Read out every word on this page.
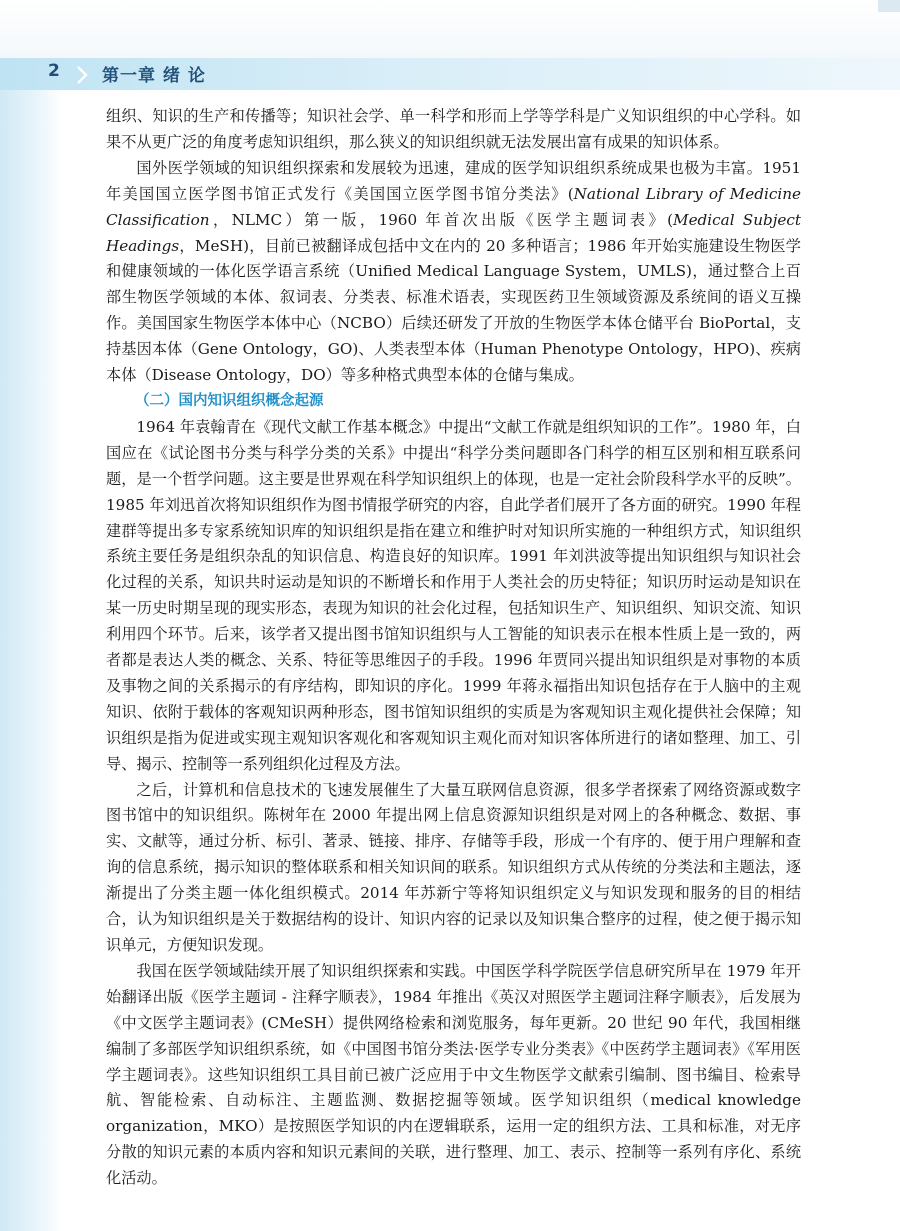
2 第一章 绪 论

组织、知识的生产和传播等；知识社会学、单一科学和形而上学等学科是广义知识组织的中心学科。如果不从更广泛的角度考虑知识组织，那么狭义的知识组织就无法发展出富有成果的知识体系。

国外医学领域的知识组织探索和发展较为迅速，建成的医学知识组织系统成果也极为丰富。1951 年美国国立医学图书馆正式发行《美国国立医学图书馆分类法》(National Library of Medicine Classification，NLMC）第一版，1960 年首次出版《医学主题词表》(Medical Subject Headings，MeSH)，目前已被翻译成包括中文在内的 20 多种语言；1986 年开始实施建设生物医学和健康领域的一体化医学语言系统（Unified Medical Language System，UMLS)，通过整合上百部生物医学领域的本体、叙词表、分类表、标准术语表，实现医药卫生领域资源及系统间的语义互操作。美国国家生物医学本体中心（NCBO）后续还研发了开放的生物医学本体仓储平台 BioPortal，支持基因本体（Gene Ontology，GO)、人类表型本体（Human Phenotype Ontology，HPO)、疾病本体（Disease Ontology，DO）等多种格式典型本体的仓储与集成。

（二）国内知识组织概念起源

1964 年袁翰青在《现代文献工作基本概念》中提出“文献工作就是组织知识的工作”。1980 年，白国应在《试论图书分类与科学分类的关系》中提出“科学分类问题即各门科学的相互区别和相互联系问题，是一个哲学问题。这主要是世界观在科学知识组织上的体现，也是一定社会阶段科学水平的反映”。1985 年刘迅首次将知识组织作为图书情报学研究的内容，自此学者们展开了各方面的研究。1990 年程建群等提出多专家系统知识库的知识组织是指在建立和维护时对知识所实施的一种组织方式，知识组织系统主要任务是组织杂乱的知识信息、构造良好的知识库。1991 年刘洪波等提出知识组织与知识社会化过程的关系，知识共时运动是知识的不断增长和作用于人类社会的历史特征；知识历时运动是知识在某一历史时期呈现的现实形态，表现为知识的社会化过程，包括知识生产、知识组织、知识交流、知识利用四个环节。后来，该学者又提出图书馆知识组织与人工智能的知识表示在根本性质上是一致的，两者都是表达人类的概念、关系、特征等思维因子的手段。1996 年贾同兴提出知识组织是对事物的本质及事物之间的关系揭示的有序结构，即知识的序化。1999 年蒋永福指出知识包括存在于人脑中的主观知识、依附于载体的客观知识两种形态，图书馆知识组织的实质是为客观知识主观化提供社会保障；知识组织是指为促进或实现主观知识客观化和客观知识主观化而对知识客体所进行的诸如整理、加工、引导、揭示、控制等一系列组织化过程及方法。

之后，计算机和信息技术的飞速发展催生了大量互联网信息资源，很多学者探索了网络资源或数字图书馆中的知识组织。陈树年在 2000 年提出网上信息资源知识组织是对网上的各种概念、数据、事实、文献等，通过分析、标引、著录、链接、排序、存储等手段，形成一个有序的、便于用户理解和查询的信息系统，揭示知识的整体联系和相关知识间的联系。知识组织方式从传统的分类法和主题法，逐渐提出了分类主题一体化组织模式。2014 年苏新宁等将知识组织定义与知识发现和服务的目的相结合，认为知识组织是关于数据结构的设计、知识内容的记录以及知识集合整序的过程，使之便于揭示知识单元，方便知识发现。

我国在医学领域陆续开展了知识组织探索和实践。中国医学科学院医学信息研究所早在 1979 年开始翻译出版《医学主题词 - 注释字顺表》，1984 年推出《英汉对照医学主题词注释字顺表》，后发展为《中文医学主题词表》(CMeSH）提供网络检索和浏览服务，每年更新。20 世纪 90 年代，我国相继编制了多部医学知识组织系统，如《中国图书馆分类法·医学专业分类表》《中医药学主题词表》《军用医学主题词表》。这些知识组织工具目前已被广泛应用于中文生物医学文献索引编制、图书编目、检索导航、智能检索、自动标注、主题监测、数据挖掘等领域。医学知识组织（medical knowledge organization，MKO）是按照医学知识的内在逻辑联系，运用一定的组织方法、工具和标准，对无序分散的知识元素的本质内容和知识元素间的关联，进行整理、加工、表示、控制等一系列有序化、系统化活动。
